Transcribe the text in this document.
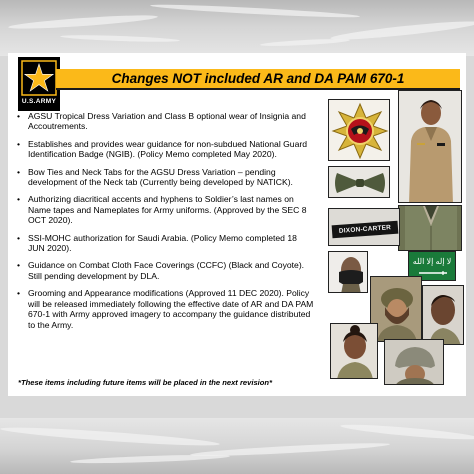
U.S.ARMY
Changes NOT included AR and DA PAM 670-1
• AGSU Tropical Dress Variation and Class B optional wear of Insignia and Accoutrements.
• Establishes and provides wear guidance for non-subdued National Guard Identification Badge (NGIB). (Policy Memo completed May 2020).
• Bow Ties and Neck Tabs for the AGSU Dress Variation – pending development of the Neck tab (Currently being developed by NATICK).
• Authorizing diacritical accents and hyphens to Soldier’s last names on Name tapes and Nameplates for Army uniforms. (Approved by the SEC 8 OCT 2020).
• SSI-MOHC authorization for Saudi Arabia. (Policy Memo completed 18 JUN 2020).
• Guidance on Combat Cloth Face Coverings (CCFC) (Black and Coyote). Still pending development by DLA.
• Grooming and Appearance modifications (Approved 11 DEC 2020). Policy will be released immediately following the effective date of AR and DA PAM 670-1 with Army approved imagery to accompany the guidance distributed to the Army.
*These items including future items will be placed in the next revision*
DIXON-CARTER
لا إله إلا الله
